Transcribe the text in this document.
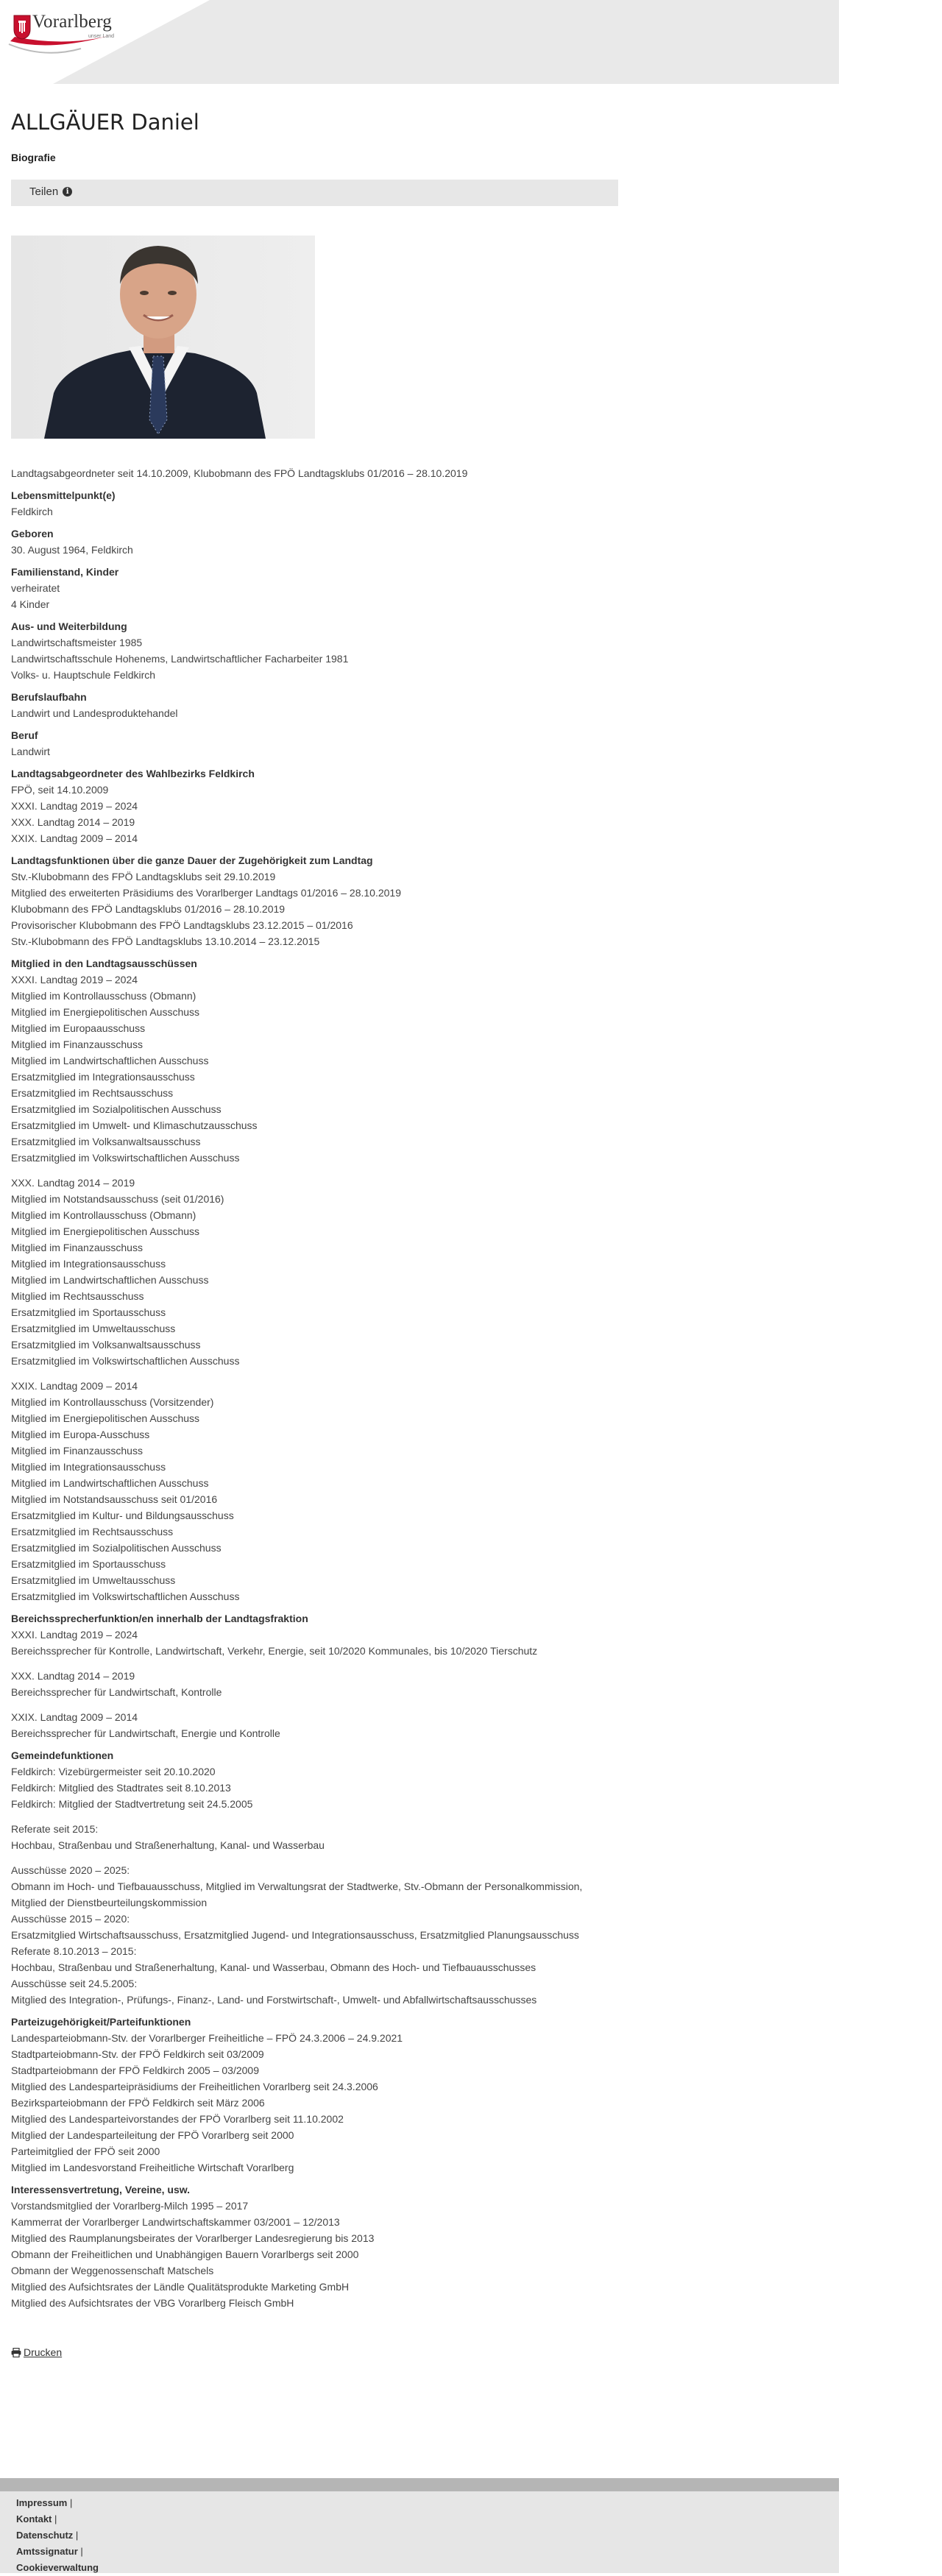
Vorarlberg
unser Land
ALLGÄUER Daniel
Biografie
Teilen	i
Landtagsabgeordneter seit 14.10.2009, Klubobmann des FPÖ Landtagsklubs 01/2016 – 28.10.2019
Lebensmittelpunkt(e)
Feldkirch
Geboren
30. August 1964, Feldkirch
Familienstand, Kinder
verheiratet
4 Kinder
Aus- und Weiterbildung
Landwirtschaftsmeister 1985
Landwirtschaftsschule Hohenems, Landwirtschaftlicher Facharbeiter 1981
Volks- u. Hauptschule Feldkirch
Berufslaufbahn
Landwirt und Landesproduktehandel
Beruf
Landwirt
Landtagsabgeordneter des Wahlbezirks Feldkirch
FPÖ, seit 14.10.2009
XXXI. Landtag 2019 – 2024
XXX. Landtag 2014 – 2019
XXIX. Landtag 2009 – 2014
Landtagsfunktionen über die ganze Dauer der Zugehörigkeit zum Landtag
Stv.-Klubobmann des FPÖ Landtagsklubs seit 29.10.2019
Mitglied des erweiterten Präsidiums des Vorarlberger Landtags 01/2016 – 28.10.2019
Klubobmann des FPÖ Landtagsklubs 01/2016 – 28.10.2019
Provisorischer Klubobmann des FPÖ Landtagsklubs 23.12.2015 – 01/2016
Stv.-Klubobmann des FPÖ Landtagsklubs 13.10.2014 – 23.12.2015
Mitglied in den Landtagsausschüssen
XXXI. Landtag 2019 – 2024
Mitglied im Kontrollausschuss (Obmann)
Mitglied im Energiepolitischen Ausschuss
Mitglied im Europaausschuss
Mitglied im Finanzausschuss
Mitglied im Landwirtschaftlichen Ausschuss
Ersatzmitglied im Integrationsausschuss
Ersatzmitglied im Rechtsausschuss
Ersatzmitglied im Sozialpolitischen Ausschuss
Ersatzmitglied im Umwelt- und Klimaschutzausschuss
Ersatzmitglied im Volksanwaltsausschuss
Ersatzmitglied im Volkswirtschaftlichen Ausschuss
XXX. Landtag 2014 – 2019
Mitglied im Notstandsausschuss (seit 01/2016)
Mitglied im Kontrollausschuss (Obmann)
Mitglied im Energiepolitischen Ausschuss
Mitglied im Finanzausschuss
Mitglied im Integrationsausschuss
Mitglied im Landwirtschaftlichen Ausschuss
Mitglied im Rechtsausschuss
Ersatzmitglied im Sportausschuss
Ersatzmitglied im Umweltausschuss
Ersatzmitglied im Volksanwaltsausschuss
Ersatzmitglied im Volkswirtschaftlichen Ausschuss
XXIX. Landtag 2009 – 2014
Mitglied im Kontrollausschuss (Vorsitzender)
Mitglied im Energiepolitischen Ausschuss
Mitglied im Europa-Ausschuss
Mitglied im Finanzausschuss
Mitglied im Integrationsausschuss
Mitglied im Landwirtschaftlichen Ausschuss
Mitglied im Notstandsausschuss seit 01/2016
Ersatzmitglied im Kultur- und Bildungsausschuss
Ersatzmitglied im Rechtsausschuss
Ersatzmitglied im Sozialpolitischen Ausschuss
Ersatzmitglied im Sportausschuss
Ersatzmitglied im Umweltausschuss
Ersatzmitglied im Volkswirtschaftlichen Ausschuss
Bereichssprecherfunktion/en innerhalb der Landtagsfraktion
XXXI. Landtag 2019 – 2024
Bereichssprecher für Kontrolle, Landwirtschaft, Verkehr, Energie, seit 10/2020 Kommunales, bis 10/2020 Tierschutz
XXX. Landtag 2014 – 2019
Bereichssprecher für Landwirtschaft, Kontrolle
XXIX. Landtag 2009 – 2014
Bereichssprecher für Landwirtschaft, Energie und Kontrolle
Gemeindefunktionen
Feldkirch: Vizebürgermeister seit 20.10.2020
Feldkirch: Mitglied des Stadtrates seit 8.10.2013
Feldkirch: Mitglied der Stadtvertretung seit 24.5.2005
Referate seit 2015:
Hochbau, Straßenbau und Straßenerhaltung, Kanal- und Wasserbau
Ausschüsse 2020 – 2025:
Obmann im Hoch- und Tiefbauausschuss, Mitglied im Verwaltungsrat der Stadtwerke, Stv.-Obmann der Personalkommission,
Mitglied der Dienstbeurteilungskommission
Ausschüsse 2015 – 2020:
Ersatzmitglied Wirtschaftsausschuss, Ersatzmitglied Jugend- und Integrationsausschuss, Ersatzmitglied Planungsausschuss
Referate 8.10.2013 – 2015:
Hochbau, Straßenbau und Straßenerhaltung, Kanal- und Wasserbau, Obmann des Hoch- und Tiefbauausschusses
Ausschüsse seit 24.5.2005:
Mitglied des Integration-, Prüfungs-, Finanz-, Land- und Forstwirtschaft-, Umwelt- und Abfallwirtschaftsausschusses
Parteizugehörigkeit/Parteifunktionen
Landesparteiobmann-Stv. der Vorarlberger Freiheitliche – FPÖ 24.3.2006 – 24.9.2021
Stadtparteiobmann-Stv. der FPÖ Feldkirch seit 03/2009
Stadtparteiobmann der FPÖ Feldkirch 2005 – 03/2009
Mitglied des Landesparteipräsidiums der Freiheitlichen Vorarlberg seit 24.3.2006
Bezirksparteiobmann der FPÖ Feldkirch seit März 2006
Mitglied des Landesparteivorstandes der FPÖ Vorarlberg seit 11.10.2002
Mitglied der Landesparteileitung der FPÖ Vorarlberg seit 2000
Parteimitglied der FPÖ seit 2000
Mitglied im Landesvorstand Freiheitliche Wirtschaft Vorarlberg
Interessensvertretung, Vereine, usw.
Vorstandsmitglied der Vorarlberg-Milch 1995 – 2017
Kammerrat der Vorarlberger Landwirtschaftskammer 03/2001 – 12/2013
Mitglied des Raumplanungsbeirates der Vorarlberger Landesregierung bis 2013
Obmann der Freiheitlichen und Unabhängigen Bauern Vorarlbergs seit 2000
Obmann der Weggenossenschaft Matschels
Mitglied des Aufsichtsrates der Ländle Qualitätsprodukte Marketing GmbH
Mitglied des Aufsichtsrates der VBG Vorarlberg Fleisch GmbH
Drucken
Impressum |
Kontakt |
Datenschutz |
Amtssignatur |
Cookieverwaltung
